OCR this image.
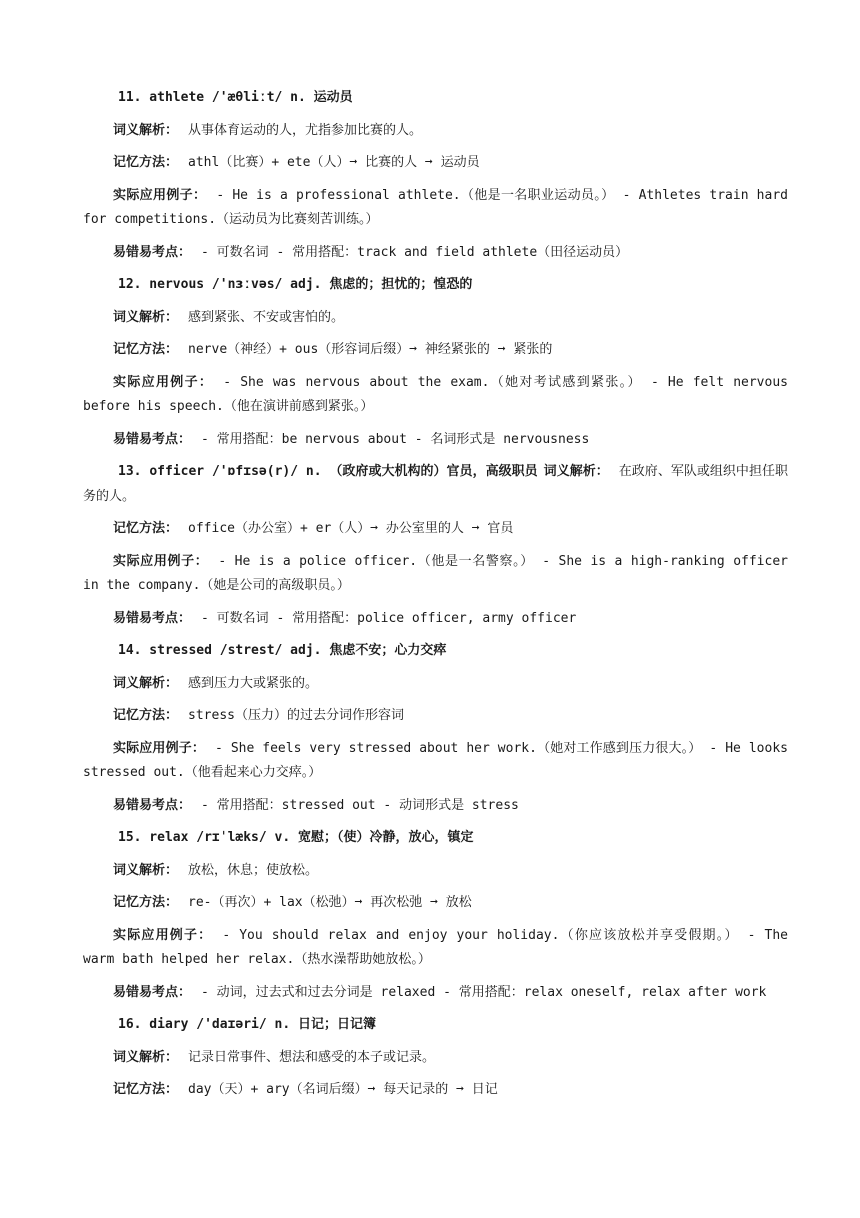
11. athlete /'æθliːt/ n. 运动员

词义解析： 从事体育运动的人，尤指参加比赛的人。

记忆方法： athl（比赛）+ ete（人）➞ 比赛的人 ➞ 运动员

实际应用例子： - He is a professional athlete.（他是一名职业运动员。） - Athletes train hard for competitions.（运动员为比赛刻苦训练。）

易错易考点： - 可数名词 - 常用搭配：track and field athlete（田径运动员）

12. nervous /'nɜːvəs/ adj. 焦虑的；担忧的；惶恐的

词义解析： 感到紧张、不安或害怕的。

记忆方法： nerve（神经）+ ous（形容词后缀）➞ 神经紧张的 ➞ 紧张的

实际应用例子： - She was nervous about the exam.（她对考试感到紧张。） - He felt nervous before his speech.（他在演讲前感到紧张。）

易错易考点： - 常用搭配：be nervous about - 名词形式是 nervousness

13. officer /'ɒfɪsə(r)/ n. （政府或大机构的）官员，高级职员 词义解析： 在政府、军队或组织中担任职务的人。

记忆方法： office（办公室）+ er（人）➞ 办公室里的人 ➞ 官员

实际应用例子： - He is a police officer.（他是一名警察。） - She is a high-ranking officer in the company.（她是公司的高级职员。）

易错易考点： - 可数名词 - 常用搭配：police officer, army officer

14. stressed /strest/ adj. 焦虑不安；心力交瘁

词义解析： 感到压力大或紧张的。

记忆方法： stress（压力）的过去分词作形容词

实际应用例子： - She feels very stressed about her work.（她对工作感到压力很大。） - He looks stressed out.（他看起来心力交瘁。）

易错易考点： - 常用搭配：stressed out - 动词形式是 stress

15. relax /rɪˈlæks/ v. 宽慰；（使）冷静，放心，镇定

词义解析： 放松，休息；使放松。

记忆方法： re-（再次）+ lax（松弛）➞ 再次松弛 ➞ 放松

实际应用例子： - You should relax and enjoy your holiday.（你应该放松并享受假期。） - The warm bath helped her relax.（热水澡帮助她放松。）

易错易考点： - 动词，过去式和过去分词是 relaxed - 常用搭配：relax oneself, relax after work

16. diary /'daɪəri/ n. 日记；日记簿

词义解析： 记录日常事件、想法和感受的本子或记录。

记忆方法： day（天）+ ary（名词后缀）➞ 每天记录的 ➞ 日记
